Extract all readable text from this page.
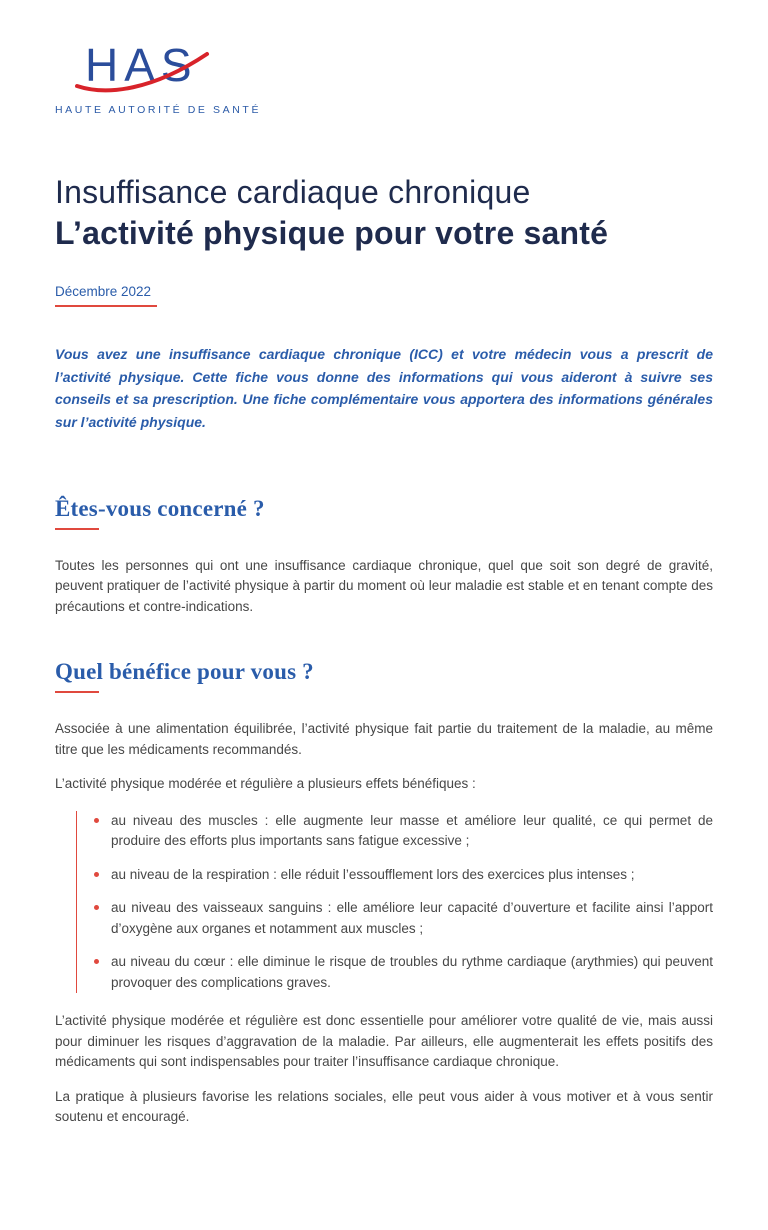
HAS
HAUTE AUTORITÉ DE SANTÉ
Insuffisance cardiaque chronique
L’activité physique pour votre santé
Décembre 2022

Vous avez une insuffisance cardiaque chronique (ICC) et votre médecin vous a prescrit de l’activité physique. Cette fiche vous donne des informations qui vous aideront à suivre ses conseils et sa prescription. Une fiche complémentaire vous apportera des informations générales sur l’activité physique.

Êtes-vous concerné ?

Toutes les personnes qui ont une insuffisance cardiaque chronique, quel que soit son degré de gravité, peuvent pratiquer de l’activité physique à partir du moment où leur maladie est stable et en tenant compte des précautions et contre-indications.

Quel bénéfice pour vous ?

Associée à une alimentation équilibrée, l’activité physique fait partie du traitement de la maladie, au même titre que les médicaments recommandés.

L’activité physique modérée et régulière a plusieurs effets bénéfiques :

au niveau des muscles : elle augmente leur masse et améliore leur qualité, ce qui permet de produire des efforts plus importants sans fatigue excessive ;
au niveau de la respiration : elle réduit l’essoufflement lors des exercices plus intenses ;
au niveau des vaisseaux sanguins : elle améliore leur capacité d’ouverture et facilite ainsi l’apport d’oxygène aux organes et notamment aux muscles ;
au niveau du cœur : elle diminue le risque de troubles du rythme cardiaque (arythmies) qui peuvent provoquer des complications graves.

L’activité physique modérée et régulière est donc essentielle pour améliorer votre qualité de vie, mais aussi pour diminuer les risques d’aggravation de la maladie. Par ailleurs, elle augmenterait les effets positifs des médicaments qui sont indispensables pour traiter l’insuffisance cardiaque chronique.

La pratique à plusieurs favorise les relations sociales, elle peut vous aider à vous motiver et à vous sentir soutenu et encouragé.
